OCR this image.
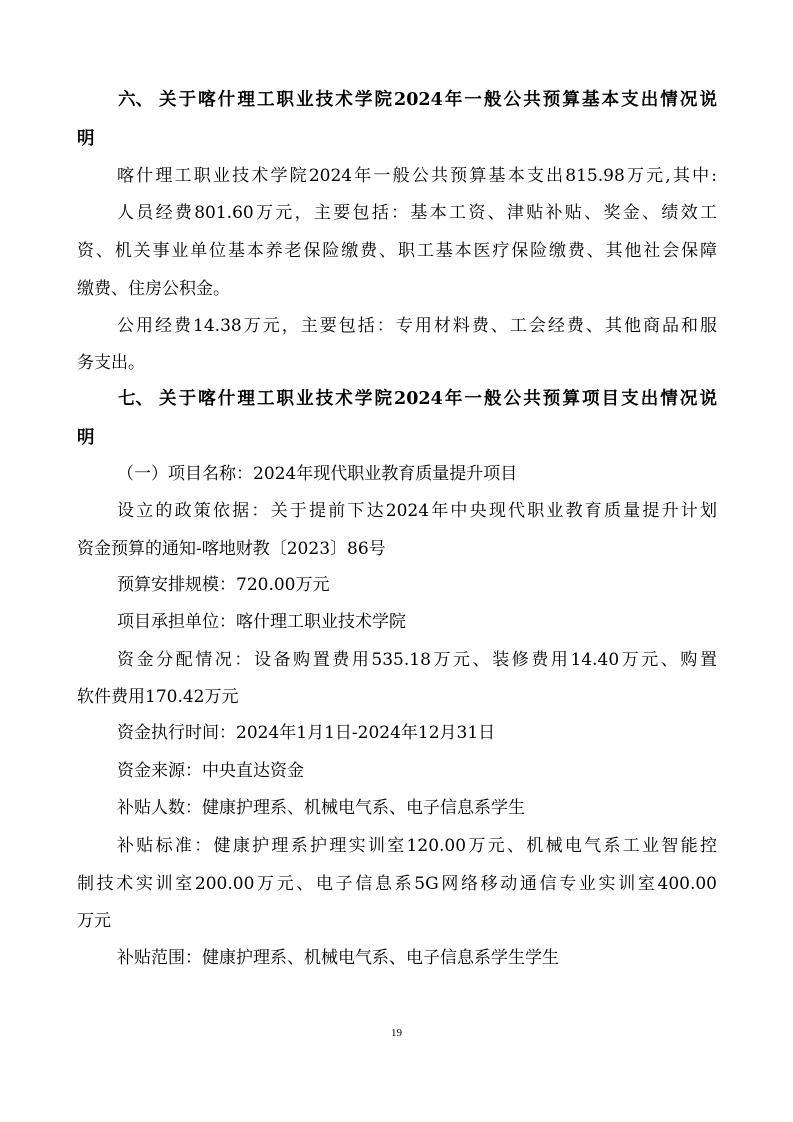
六、 关于喀什理工职业技术学院2024年一般公共预算基本支出情况说
明
喀什理工职业技术学院2024年一般公共预算基本支出815.98万元,其中:
人员经费801.60万元，主要包括：基本工资、津贴补贴、奖金、绩效工
资、机关事业单位基本养老保险缴费、职工基本医疗保险缴费、其他社会保障
缴费、住房公积金。
公用经费14.38万元，主要包括：专用材料费、工会经费、其他商品和服
务支出。
七、 关于喀什理工职业技术学院2024年一般公共预算项目支出情况说
明
（一）项目名称：2024年现代职业教育质量提升项目
设立的政策依据：关于提前下达2024年中央现代职业教育质量提升计划
资金预算的通知-喀地财教〔2023〕86号
预算安排规模：720.00万元
项目承担单位：喀什理工职业技术学院
资金分配情况：设备购置费用535.18万元、装修费用14.40万元、购置
软件费用170.42万元
资金执行时间：2024年1月1日-2024年12月31日
资金来源：中央直达资金
补贴人数：健康护理系、机械电气系、电子信息系学生
补贴标准：健康护理系护理实训室120.00万元、机械电气系工业智能控
制技术实训室200.00万元、电子信息系5G网络移动通信专业实训室400.00
万元
补贴范围：健康护理系、机械电气系、电子信息系学生学生
19
